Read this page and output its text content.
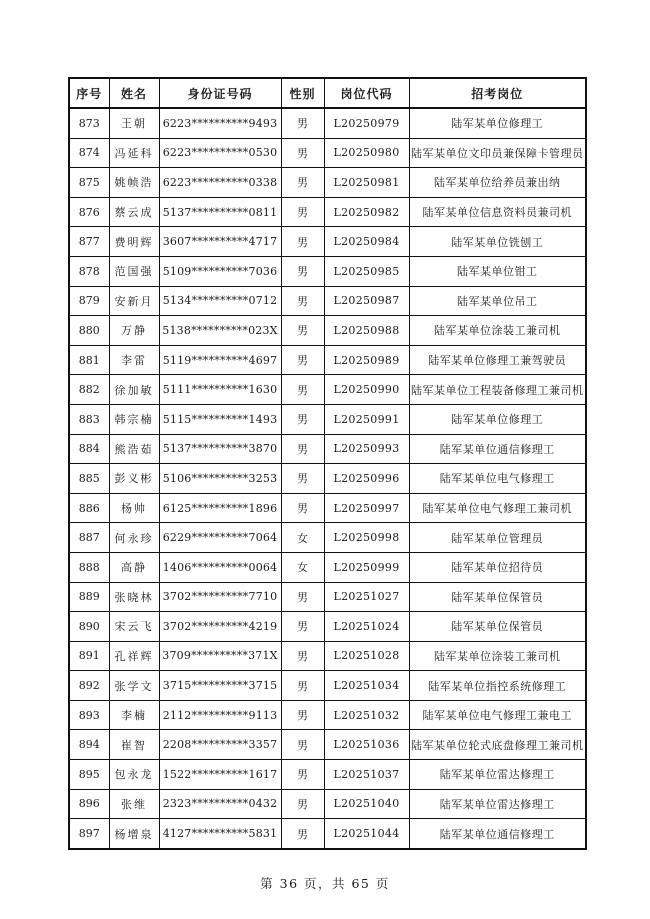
序号	姓名	身份证号码	性别	岗位代码	招考岗位
873	王朝	6223**********9493	男	L20250979	陆军某单位修理工
874	冯延科	6223**********0530	男	L20250980	陆军某单位文印员兼保障卡管理员
875	姚帧浩	6223**********0338	男	L20250981	陆军某单位给养员兼出纳
876	蔡云成	5137**********0811	男	L20250982	陆军某单位信息资料员兼司机
877	费明辉	3607**********4717	男	L20250984	陆军某单位铣刨工
878	范国强	5109**********7036	男	L20250985	陆军某单位钳工
879	安新月	5134**********0712	男	L20250987	陆军某单位吊工
880	万静	5138**********023X	男	L20250988	陆军某单位涂装工兼司机
881	李雷	5119**********4697	男	L20250989	陆军某单位修理工兼驾驶员
882	徐加敏	5111**********1630	男	L20250990	陆军某单位工程装备修理工兼司机
883	韩宗楠	5115**********1493	男	L20250991	陆军某单位修理工
884	熊浩茹	5137**********3870	男	L20250993	陆军某单位通信修理工
885	彭义彬	5106**********3253	男	L20250996	陆军某单位电气修理工
886	杨帅	6125**********1896	男	L20250997	陆军某单位电气修理工兼司机
887	何永珍	6229**********7064	女	L20250998	陆军某单位管理员
888	高静	1406**********0064	女	L20250999	陆军某单位招待员
889	张晓林	3702**********7710	男	L20251027	陆军某单位保管员
890	宋云飞	3702**********4219	男	L20251024	陆军某单位保管员
891	孔祥辉	3709**********371X	男	L20251028	陆军某单位涂装工兼司机
892	张学文	3715**********3715	男	L20251034	陆军某单位指控系统修理工
893	李楠	2112**********9113	男	L20251032	陆军某单位电气修理工兼电工
894	崔智	2208**********3357	男	L20251036	陆军某单位轮式底盘修理工兼司机
895	包永龙	1522**********1617	男	L20251037	陆军某单位雷达修理工
896	张维	2323**********0432	男	L20251040	陆军某单位雷达修理工
897	杨增泉	4127**********5831	男	L20251044	陆军某单位通信修理工
第 36 页，共 65 页
